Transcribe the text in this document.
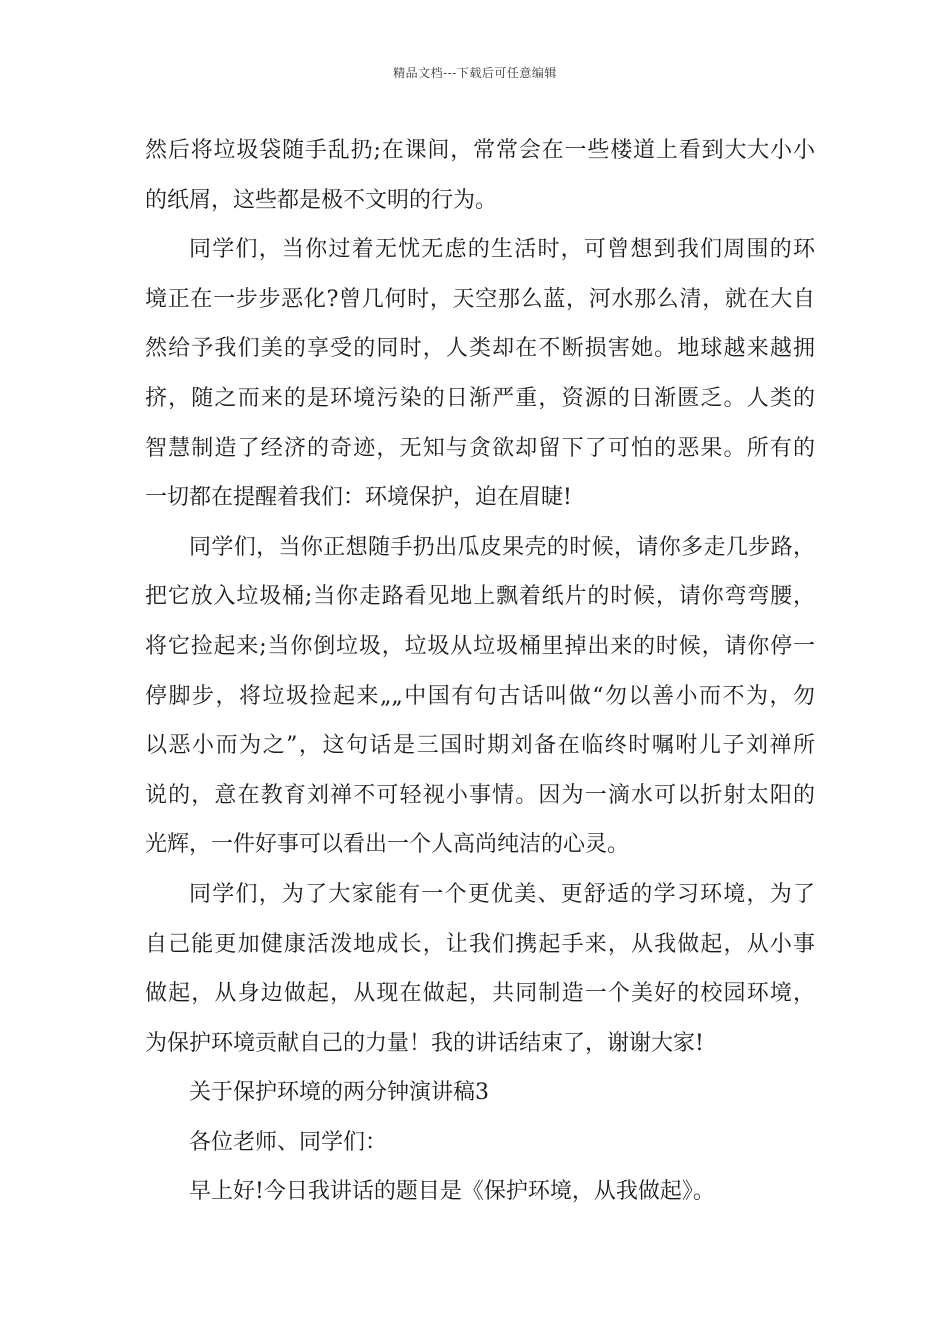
精品文档---下载后可任意编辑
然后将垃圾袋随手乱扔;在课间，常常会在一些楼道上看到大大小小
的纸屑，这些都是极不文明的行为。
同学们，当你过着无忧无虑的生活时，可曾想到我们周围的环
境正在一步步恶化?曾几何时，天空那么蓝，河水那么清，就在大自
然给予我们美的享受的同时，人类却在不断损害她。地球越来越拥
挤，随之而来的是环境污染的日渐严重，资源的日渐匮乏。人类的
智慧制造了经济的奇迹，无知与贪欲却留下了可怕的恶果。所有的
一切都在提醒着我们：环境保护，迫在眉睫!
同学们，当你正想随手扔出瓜皮果壳的时候，请你多走几步路，
把它放入垃圾桶;当你走路看见地上飘着纸片的时候，请你弯弯腰，
将它捡起来;当你倒垃圾，垃圾从垃圾桶里掉出来的时候，请你停一
停脚步，将垃圾捡起来„„中国有句古话叫做“勿以善小而不为，勿
以恶小而为之”，这句话是三国时期刘备在临终时嘱咐儿子刘禅所
说的，意在教育刘禅不可轻视小事情。因为一滴水可以折射太阳的
光辉，一件好事可以看出一个人高尚纯洁的心灵。
同学们，为了大家能有一个更优美、更舒适的学习环境，为了
自己能更加健康活泼地成长，让我们携起手来，从我做起，从小事
做起，从身边做起，从现在做起，共同制造一个美好的校园环境，
为保护环境贡献自己的力量！我的讲话结束了，谢谢大家!
关于保护环境的两分钟演讲稿3
各位老师、同学们：
早上好!今日我讲话的题目是《保护环境，从我做起》。
